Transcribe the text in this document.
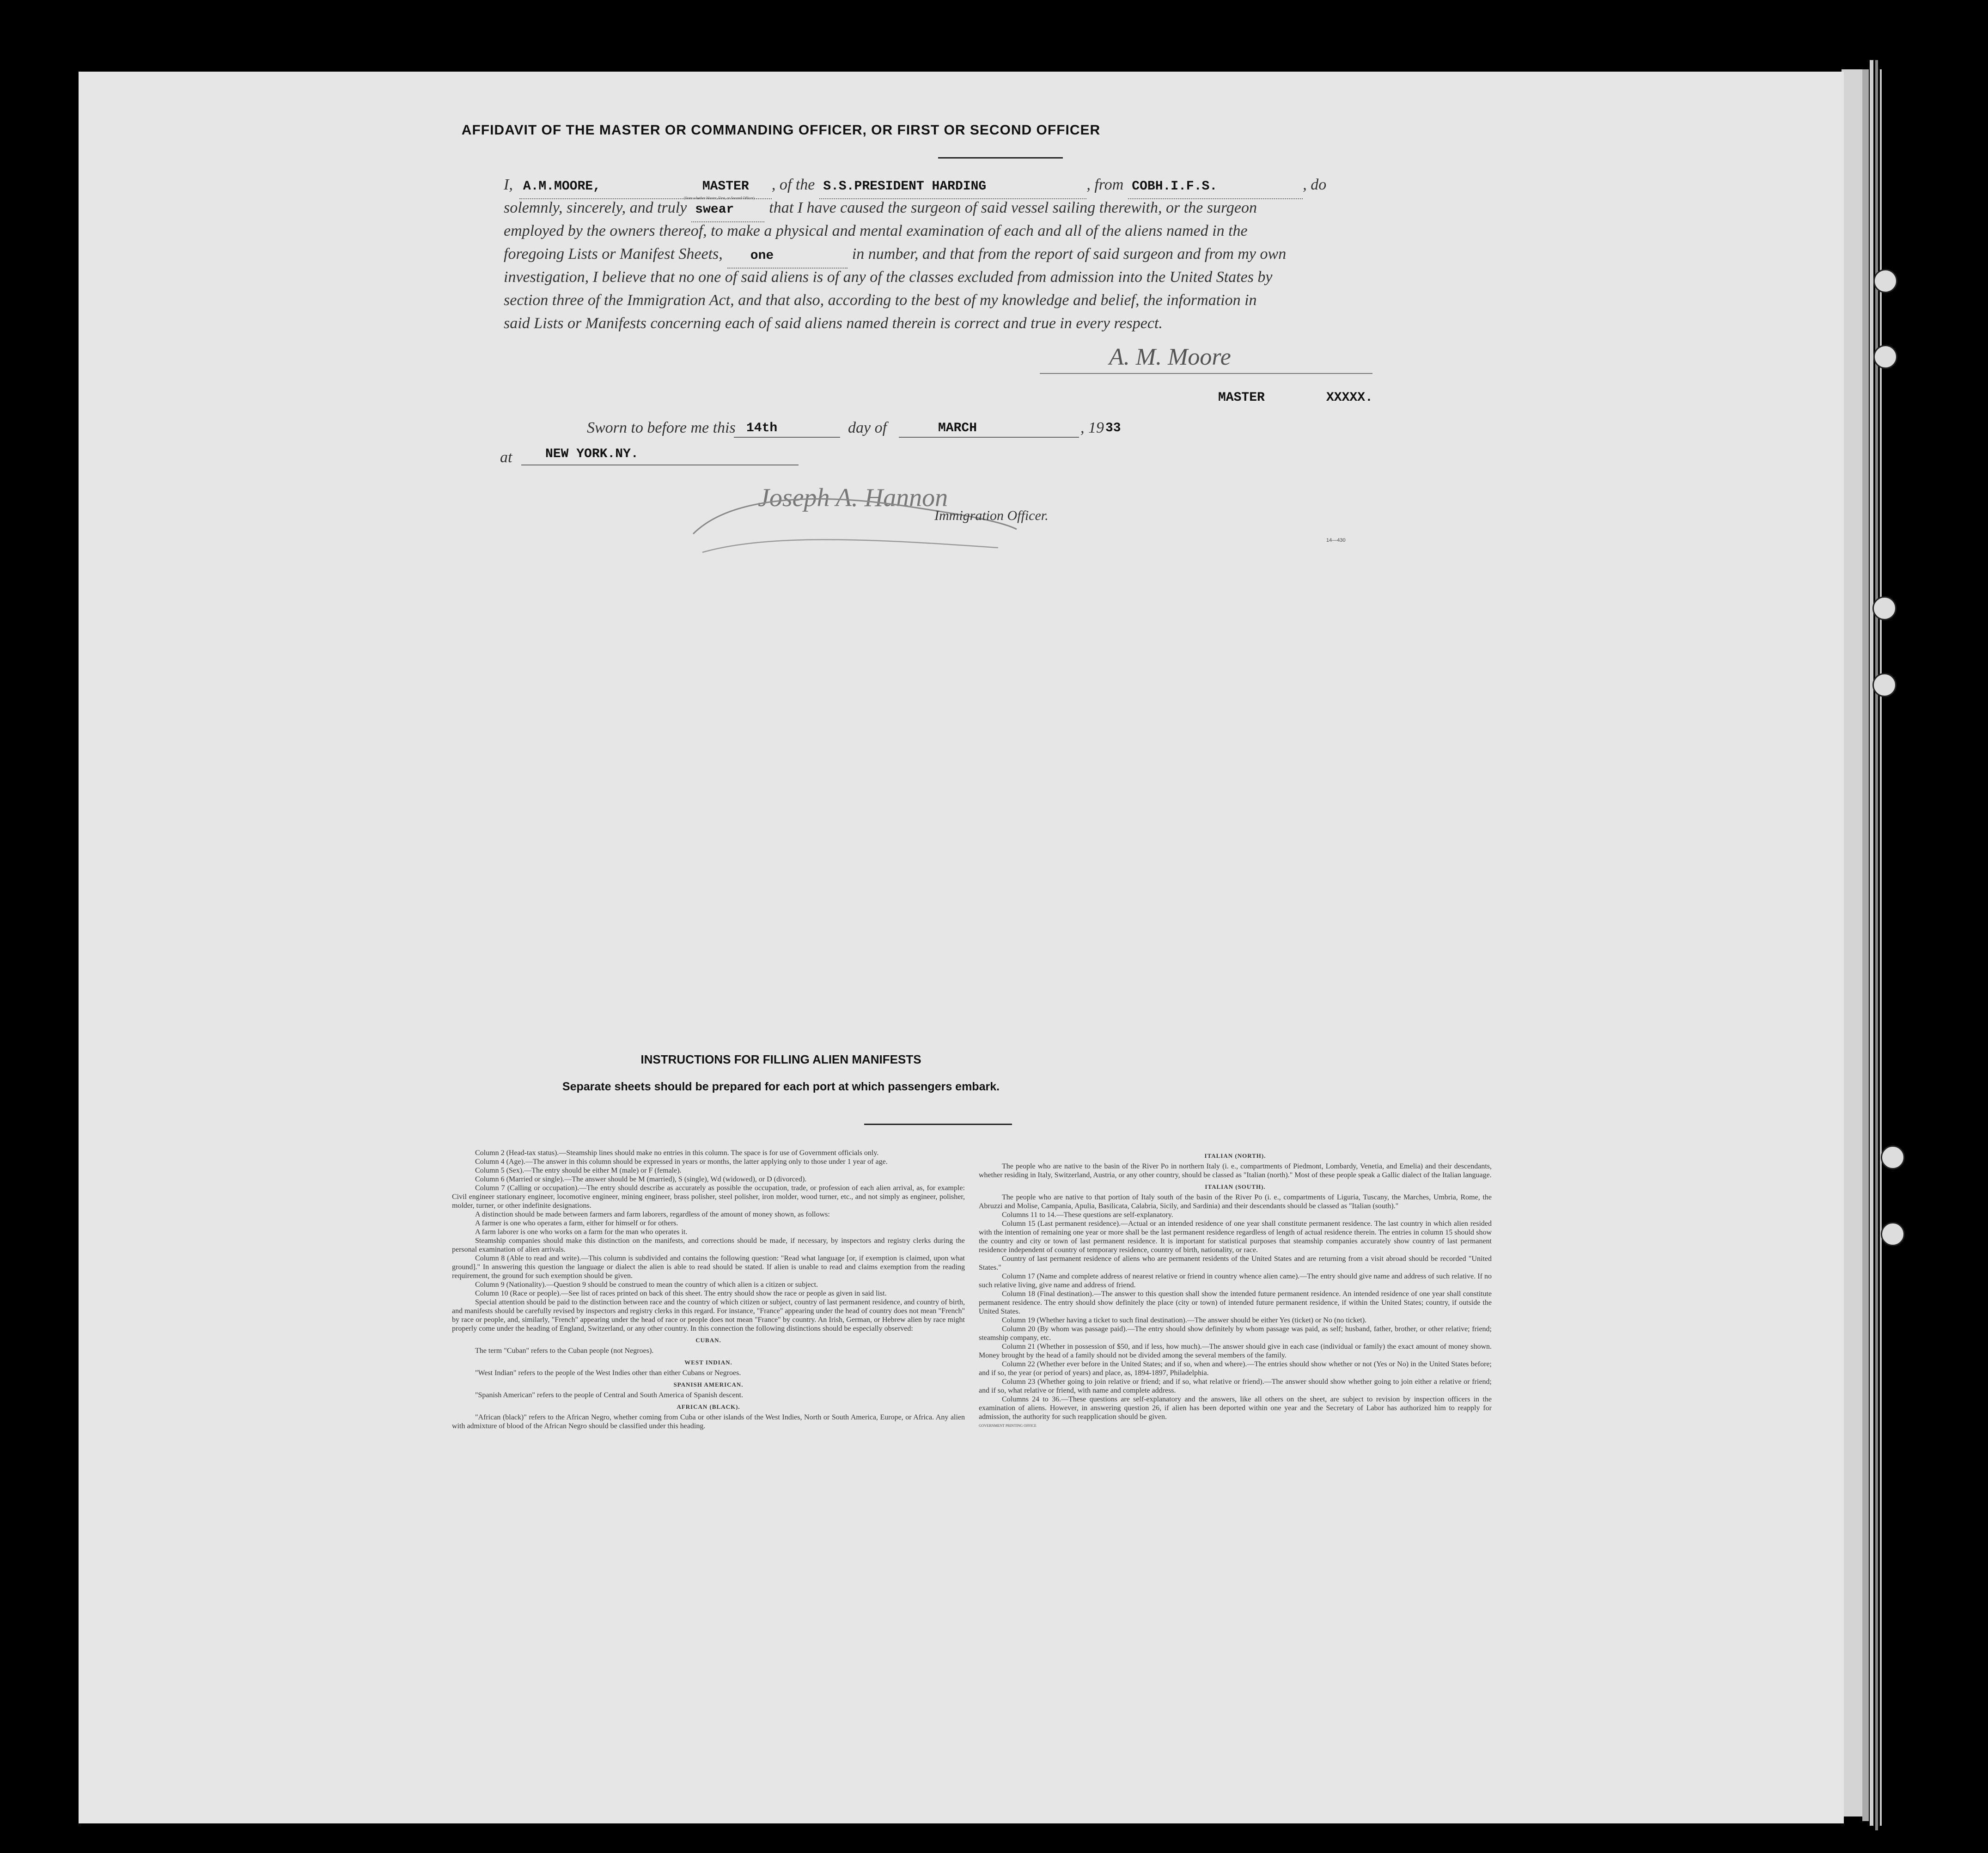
AFFIDAVIT OF THE MASTER OR COMMANDING OFFICER, OR FIRST OR SECOND OFFICER
I, A.M.MOORE,	MASTER	, of the S.S.PRESIDENT HARDING	, from COBH.I.F.S.	, do
solemnly, sincerely, and truly swear	that I have caused the surgeon of said vessel sailing therewith, or the surgeon
employed by the owners thereof, to make a physical and mental examination of each and all of the aliens named in the
foregoing Lists or Manifest Sheets,	one	in number, and that from the report of said surgeon and from my own
investigation, I believe that no one of said aliens is of any of the classes excluded from admission into the United States by
section three of the Immigration Act, and that also, according to the best of my knowledge and belief, the information in
said Lists or Manifests concerning each of said aliens named therein is correct and true in every respect.
(State whether Master, First, or Second Officer)
A. M. Moore
MASTER	XXXXX.
Sworn to before me this 14th	day of	MARCH	, 19 33
at	NEW YORK.NY.
Joseph A. Hannon
Immigration Officer.
14—430
INSTRUCTIONS FOR FILLING ALIEN MANIFESTS
Separate sheets should be prepared for each port at which passengers embark.

Column 2 (Head-tax status).—Steamship lines should make no entries in this column. The space is for use of Government officials only.

Column 4 (Age).—The answer in this column should be expressed in years or months, the latter applying only to those under 1 year of age.

Column 5 (Sex).—The entry should be either M (male) or F (female).

Column 6 (Married or single).—The answer should be M (married), S (single), Wd (widowed), or D (divorced).

Column 7 (Calling or occupation).—The entry should describe as accurately as possible the occupation, trade, or profession of each alien arrival, as, for example: Civil engineer stationary engineer, locomotive engineer, mining engineer, brass polisher, steel polisher, iron molder, wood turner, etc., and not simply as engineer, polisher, molder, turner, or other indefinite designations.

A distinction should be made between farmers and farm laborers, regardless of the amount of money shown, as follows:

A farmer is one who operates a farm, either for himself or for others.

A farm laborer is one who works on a farm for the man who operates it.

Steamship companies should make this distinction on the manifests, and corrections should be made, if necessary, by inspectors and registry clerks during the personal examination of alien arrivals.

Column 8 (Able to read and write).—This column is subdivided and contains the following question: "Read what language [or, if exemption is claimed, upon what ground]." In answering this question the language or dialect the alien is able to read should be stated. If alien is unable to read and claims exemption from the reading requirement, the ground for such exemption should be given.

Column 9 (Nationality).—Question 9 should be construed to mean the country of which alien is a citizen or subject.

Column 10 (Race or people).—See list of races printed on back of this sheet. The entry should show the race or people as given in said list.

Special attention should be paid to the distinction between race and the country of which citizen or subject, country of last permanent residence, and country of birth, and manifests should be carefully revised by inspectors and registry clerks in this regard. For instance, "France" appearing under the head of country does not mean "French" by race or people, and, similarly, "French" appearing under the head of race or people does not mean "France" by country. An Irish, German, or Hebrew alien by race might properly come under the heading of England, Switzerland, or any other country. In this connection the following distinctions should be especially observed:

CUBAN.

The term "Cuban" refers to the Cuban people (not Negroes).

WEST INDIAN.

"West Indian" refers to the people of the West Indies other than either Cubans or Negroes.

SPANISH AMERICAN.

"Spanish American" refers to the people of Central and South America of Spanish descent.

AFRICAN (BLACK).

"African (black)" refers to the African Negro, whether coming from Cuba or other islands of the West Indies, North or South America, Europe, or Africa. Any alien with admixture of blood of the African Negro should be classified under this heading.

ITALIAN (NORTH).

The people who are native to the basin of the River Po in northern Italy (i. e., compartments of Piedmont, Lombardy, Venetia, and Emelia) and their descendants, whether residing in Italy, Switzerland, Austria, or any other country, should be classed as "Italian (north)." Most of these people speak a Gallic dialect of the Italian language.

ITALIAN (SOUTH).

The people who are native to that portion of Italy south of the basin of the River Po (i. e., compartments of Liguria, Tuscany, the Marches, Umbria, Rome, the Abruzzi and Molise, Campania, Apulia, Basilicata, Calabria, Sicily, and Sardinia) and their descendants should be classed as "Italian (south)."

Columns 11 to 14.—These questions are self-explanatory.

Column 15 (Last permanent residence).—Actual or an intended residence of one year shall constitute permanent residence. The last country in which alien resided with the intention of remaining one year or more shall be the last permanent residence regardless of length of actual residence therein. The entries in column 15 should show the country and city or town of last permanent residence. It is important for statistical purposes that steamship companies accurately show country of last permanent residence independent of country of temporary residence, country of birth, nationality, or race.

Country of last permanent residence of aliens who are permanent residents of the United States and are returning from a visit abroad should be recorded "United States."

Column 17 (Name and complete address of nearest relative or friend in country whence alien came).—The entry should give name and address of such relative. If no such relative living, give name and address of friend.

Column 18 (Final destination).—The answer to this question shall show the intended future permanent residence. An intended residence of one year shall constitute permanent residence. The entry should show definitely the place (city or town) of intended future permanent residence, if within the United States; country, if outside the United States.

Column 19 (Whether having a ticket to such final destination).—The answer should be either Yes (ticket) or No (no ticket).

Column 20 (By whom was passage paid).—The entry should show definitely by whom passage was paid, as self; husband, father, brother, or other relative; friend; steamship company, etc.

Column 21 (Whether in possession of $50, and if less, how much).—The answer should give in each case (individual or family) the exact amount of money shown. Money brought by the head of a family should not be divided among the several members of the family.

Column 22 (Whether ever before in the United States; and if so, when and where).—The entries should show whether or not (Yes or No) in the United States before; and if so, the year (or period of years) and place, as, 1894-1897, Philadelphia.

Column 23 (Whether going to join relative or friend; and if so, what relative or friend).—The answer should show whether going to join either a relative or friend; and if so, what relative or friend, with name and complete address.

Columns 24 to 36.—These questions are self-explanatory and the answers, like all others on the sheet, are subject to revision by inspection officers in the examination of aliens. However, in answering question 26, if alien has been deported within one year and the Secretary of Labor has authorized him to reapply for admission, the authority for such reapplication should be given.

GOVERNMENT PRINTING OFFICE
